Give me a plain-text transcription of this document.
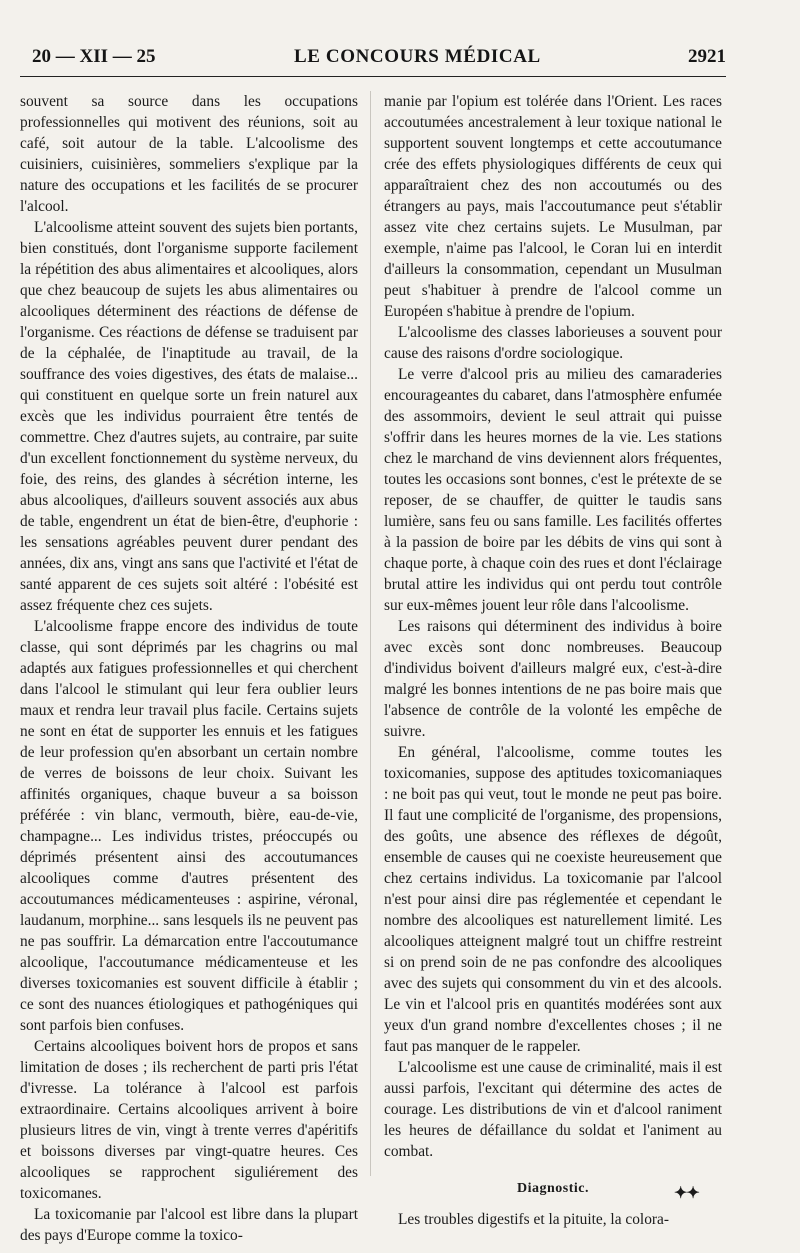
20 — XII — 25	LE CONCOURS MÉDICAL	2921

souvent sa source dans les occupations professionnelles qui motivent des réunions, soit au café, soit autour de la table. L'alcoolisme des cuisiniers, cuisinières, sommeliers s'explique par la nature des occupations et les facilités de se procurer l'alcool.

L'alcoolisme atteint souvent des sujets bien portants, bien constitués, dont l'organisme supporte facilement la répétition des abus alimentaires et alcooliques, alors que chez beaucoup de sujets les abus alimentaires ou alcooliques déterminent des réactions de défense de l'organisme. Ces réactions de défense se traduisent par de la céphalée, de l'inaptitude au travail, de la souffrance des voies digestives, des états de malaise... qui constituent en quelque sorte un frein naturel aux excès que les individus pourraient être tentés de commettre. Chez d'autres sujets, au contraire, par suite d'un excellent fonctionnement du système nerveux, du foie, des reins, des glandes à sécrétion interne, les abus alcooliques, d'ailleurs souvent associés aux abus de table, engendrent un état de bien-être, d'euphorie : les sensations agréables peuvent durer pendant des années, dix ans, vingt ans sans que l'activité et l'état de santé apparent de ces sujets soit altéré : l'obésité est assez fréquente chez ces sujets.

L'alcoolisme frappe encore des individus de toute classe, qui sont déprimés par les chagrins ou mal adaptés aux fatigues professionnelles et qui cherchent dans l'alcool le stimulant qui leur fera oublier leurs maux et rendra leur travail plus facile. Certains sujets ne sont en état de supporter les ennuis et les fatigues de leur profession qu'en absorbant un certain nombre de verres de boissons de leur choix. Suivant les affinités organiques, chaque buveur a sa boisson préférée : vin blanc, vermouth, bière, eau-de-vie, champagne... Les individus tristes, préoccupés ou déprimés présentent ainsi des accoutumances alcooliques comme d'autres présentent des accoutumances médicamenteuses : aspirine, véronal, laudanum, morphine... sans lesquels ils ne peuvent pas ne pas souffrir. La démarcation entre l'accoutumance alcoolique, l'accoutumance médicamenteuse et les diverses toxicomanies est souvent difficile à établir ; ce sont des nuances étiologiques et pathogéniques qui sont parfois bien confuses.

Certains alcooliques boivent hors de propos et sans limitation de doses ; ils recherchent de parti pris l'état d'ivresse. La tolérance à l'alcool est parfois extraordinaire. Certains alcooliques arrivent à boire plusieurs litres de vin, vingt à trente verres d'apéritifs et boissons diverses par vingt-quatre heures. Ces alcooliques se rapprochent siguliérement des toxicomanes.

La toxicomanie par l'alcool est libre dans la plupart des pays d'Europe comme la toxico-

manie par l'opium est tolérée dans l'Orient. Les races accoutumées ancestralement à leur toxique national le supportent souvent longtemps et cette accoutumance crée des effets physiologiques différents de ceux qui apparaîtraient chez des non accoutumés ou des étrangers au pays, mais l'accoutumance peut s'établir assez vite chez certains sujets. Le Musulman, par exemple, n'aime pas l'alcool, le Coran lui en interdit d'ailleurs la consommation, cependant un Musulman peut s'habituer à prendre de l'alcool comme un Européen s'habitue à prendre de l'opium.

L'alcoolisme des classes laborieuses a souvent pour cause des raisons d'ordre sociologique.

Le verre d'alcool pris au milieu des camaraderies encourageantes du cabaret, dans l'atmosphère enfumée des assommoirs, devient le seul attrait qui puisse s'offrir dans les heures mornes de la vie. Les stations chez le marchand de vins deviennent alors fréquentes, toutes les occasions sont bonnes, c'est le prétexte de se reposer, de se chauffer, de quitter le taudis sans lumière, sans feu ou sans famille. Les facilités offertes à la passion de boire par les débits de vins qui sont à chaque porte, à chaque coin des rues et dont l'éclairage brutal attire les individus qui ont perdu tout contrôle sur eux-mêmes jouent leur rôle dans l'alcoolisme.

Les raisons qui déterminent des individus à boire avec excès sont donc nombreuses. Beaucoup d'individus boivent d'ailleurs malgré eux, c'est-à-dire malgré les bonnes intentions de ne pas boire mais que l'absence de contrôle de la volonté les empêche de suivre.

En général, l'alcoolisme, comme toutes les toxicomanies, suppose des aptitudes toxicomaniaques : ne boit pas qui veut, tout le monde ne peut pas boire. Il faut une complicité de l'organisme, des propensions, des goûts, une absence des réflexes de dégoût, ensemble de causes qui ne coexiste heureusement que chez certains individus. La toxicomanie par l'alcool n'est pour ainsi dire pas réglementée et cependant le nombre des alcooliques est naturellement limité. Les alcooliques atteignent malgré tout un chiffre restreint si on prend soin de ne pas confondre des alcooliques avec des sujets qui consomment du vin et des alcools. Le vin et l'alcool pris en quantités modérées sont aux yeux d'un grand nombre d'excellentes choses ; il ne faut pas manquer de le rappeler.

L'alcoolisme est une cause de criminalité, mais il est aussi parfois, l'excitant qui détermine des actes de courage. Les distributions de vin et d'alcool raniment les heures de défaillance du soldat et l'animent au combat.

Diagnostic.

Les troubles digestifs et la pituite, la colora-

✦✦
